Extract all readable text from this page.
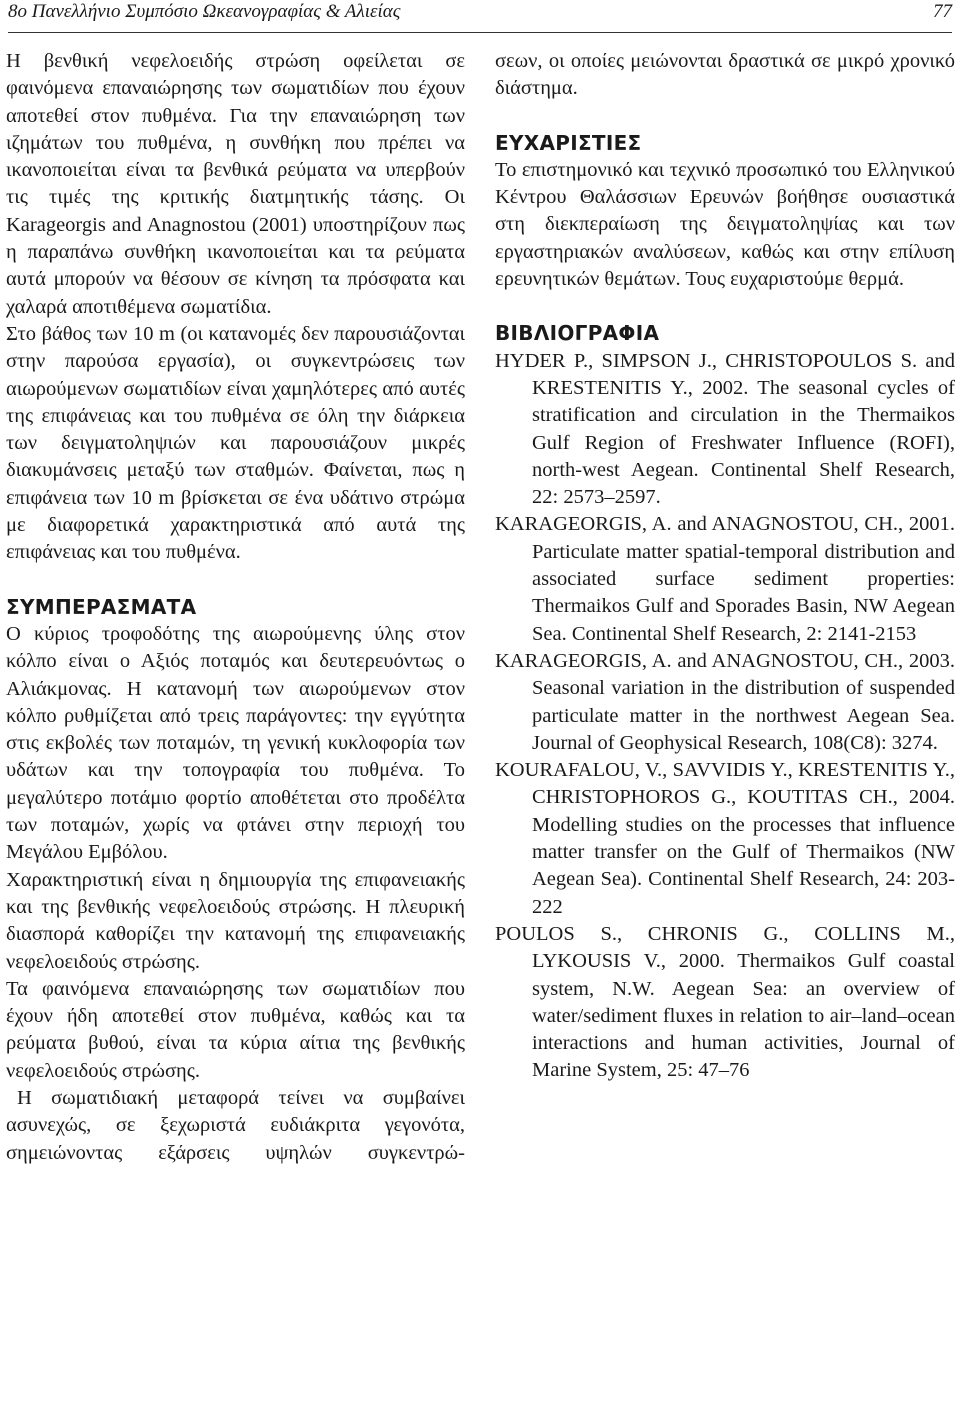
8ο Πανελλήνιο Συμπόσιο Ωκεανογραφίας & Αλιείας	77

Η βενθική νεφελοειδής στρώση οφείλεται σε φαινόμενα επαναιώρησης των σωματιδίων που έχουν αποτεθεί στον πυθμένα. Για την επαναιώρηση των ιζημάτων του πυθμένα, η συνθήκη που πρέπει να ικανοποιείται είναι τα βενθικά ρεύματα να υπερβούν τις τιμές της κριτικής διατμητικής τάσης. Οι Karageorgis and Anagnostou (2001) υποστηρίζουν πως η παραπάνω συνθήκη ικανοποιείται και τα ρεύματα αυτά μπορούν να θέσουν σε κίνηση τα πρόσφατα και χαλαρά αποτιθέμενα σωματίδια.

Στο βάθος των 10 m (οι κατανομές δεν παρουσιάζονται στην παρούσα εργασία), οι συγκεντρώσεις των αιωρούμενων σωματιδίων είναι χαμηλότερες από αυτές της επιφάνειας και του πυθμένα σε όλη την διάρκεια των δειγματοληψιών και παρουσιάζουν μικρές διακυμάνσεις μεταξύ των σταθμών. Φαίνεται, πως η επιφάνεια των 10 m βρίσκεται σε ένα υδάτινο στρώμα με διαφορετικά χαρακτηριστικά από αυτά της επιφάνειας και του πυθμένα.

ΣΥΜΠΕΡΑΣΜΑΤΑ

Ο κύριος τροφοδότης της αιωρούμενης ύλης στον κόλπο είναι ο Αξιός ποταμός και δευτερευόντως ο Αλιάκμονας. Η κατανομή των αιωρούμενων στον κόλπο ρυθμίζεται από τρεις παράγοντες: την εγγύτητα στις εκβολές των ποταμών, τη γενική κυκλοφορία των υδάτων και την τοπογραφία του πυθμένα. Το μεγαλύτερο ποτάμιο φορτίο αποθέτεται στο προδέλτα των ποταμών, χωρίς να φτάνει στην περιοχή του Μεγάλου Εμβόλου.

Χαρακτηριστική είναι η δημιουργία της επιφανειακής και της βενθικής νεφελοειδούς στρώσης. Η πλευρική διασπορά καθορίζει την κατανομή της επιφανειακής νεφελοειδούς στρώσης.

Τα φαινόμενα επαναιώρησης των σωματιδίων που έχουν ήδη αποτεθεί στον πυθμένα, καθώς και τα ρεύματα βυθού, είναι τα κύρια αίτια της βενθικής νεφελοειδούς στρώσης.

Η σωματιδιακή μεταφορά τείνει να συμβαίνει ασυνεχώς, σε ξεχωριστά ευδιάκριτα γεγονότα, σημειώνοντας εξάρσεις υψηλών συγκεντρώ-

σεων, οι οποίες μειώνονται δραστικά σε μικρό χρονικό διάστημα.

ΕΥΧΑΡΙΣΤΙΕΣ

Το επιστημονικό και τεχνικό προσωπικό του Ελληνικού Κέντρου Θαλάσσιων Ερευνών βοήθησε ουσιαστικά στη διεκπεραίωση της δειγματοληψίας και των εργαστηριακών αναλύσεων, καθώς και στην επίλυση ερευνητικών θεμάτων. Τους ευχαριστούμε θερμά.

ΒΙΒΛΙΟΓΡΑΦΙΑ

HYDER P., SIMPSON J., CHRISTOPOULOS S. and KRESTENITIS Y., 2002. The seasonal cycles of stratification and circulation in the Thermaikos Gulf Region of Freshwater Influence (ROFI), north-west Aegean. Continental Shelf Research, 22: 2573–2597.

KARAGEORGIS, A. and ANAGNOSTOU, CH., 2001. Particulate matter spatial-temporal distribution and associated surface sediment properties: Thermaikos Gulf and Sporades Basin, NW Aegean Sea. Continental Shelf Research, 2: 2141-2153

KARAGEORGIS, A. and ANAGNOSTOU, CH., 2003. Seasonal variation in the distribution of suspended particulate matter in the northwest Aegean Sea. Journal of Geophysical Research, 108(C8): 3274.

KOURAFALOU, V., SAVVIDIS Y., KRESTENITIS Y., CHRISTOPHOROS G., KOUTITAS CH., 2004. Modelling studies on the processes that influence matter transfer on the Gulf of Thermaikos (NW Aegean Sea). Continental Shelf Research, 24: 203-222

POULOS S., CHRONIS G., COLLINS M., LYKOUSIS V., 2000. Thermaikos Gulf coastal system, N.W. Aegean Sea: an overview of water/sediment fluxes in relation to air–land–ocean interactions and human activities, Journal of Marine System, 25: 47–76
